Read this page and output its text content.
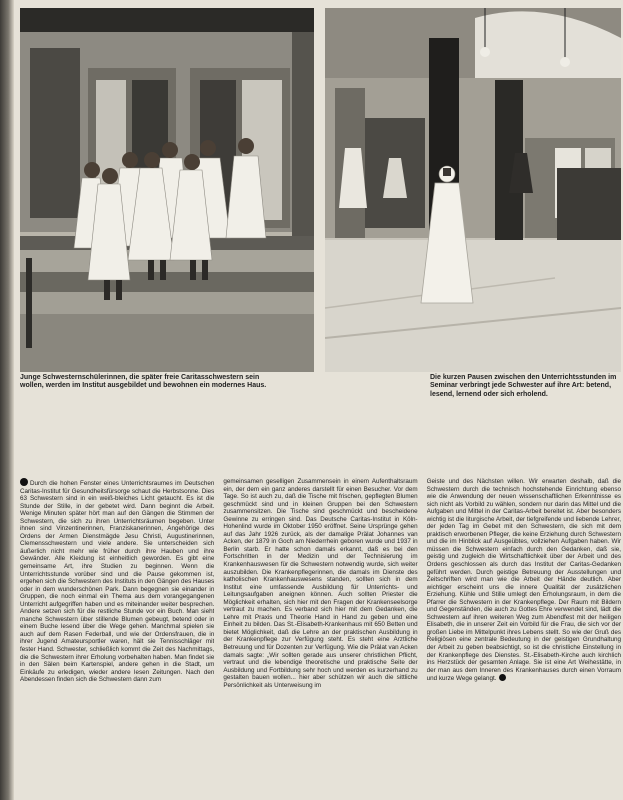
Junge Schwesternschülerinnen, die später freie Caritasschwestern sein wollen, werden im Institut ausgebildet und bewohnen ein modernes Haus.
Die kurzen Pausen zwischen den Unterrichtsstunden im Seminar verbringt jede Schwester auf ihre Art: betend, lesend, lernend oder sich erholend.

Durch die hohen Fenster eines Unterrichtsraumes im Deutschen Caritas-Institut für Gesundheitsfürsorge schaut die Herbstsonne. Dies 63 Schwestern sind in ein weiß-bleiches Licht getaucht. Es ist die Stunde der Stille, in der gebetet wird. Dann beginnt die Arbeit. Wenige Minuten später hört man auf den Gängen die Stimmen der Schwestern, die sich zu ihren Unterrichtsräumen begeben. Unter ihnen sind Vinzentinerinnen, Franziskanerinnen, Angehörige des Ordens der Armen Dienstmägde Jesu Christi, Augustinerinnen, Clemensschwestern und viele andere. Sie unterscheiden sich äußerlich nicht mehr wie früher durch ihre Hauben und ihre Gewänder. Alle Kleidung ist einheitlich geworden. Es gibt eine gemeinsame Art, ihre Studien zu beginnen. Wenn die Unterrichtsstunde vorüber sind und die Pause gekommen ist, ergehen sich die Schwestern des Instituts in den Gängen des Hauses oder in dem wunderschönen Park. Dann begegnen sie einander in Gruppen, die noch einmal ein Thema aus dem vorangegangenen Unterricht aufgegriffen haben und es miteinander weiter besprechen. Andere setzen sich für die restliche Stunde vor ein Buch. Man sieht manche Schwestern über stillende Blumen gebeugt, betend oder in einem Buche lesend über die Wege gehen. Manchmal spielen sie auch auf dem Rasen Federball, und wie der Ordensfrauen, die in ihrer Jugend Amateursportler waren, hält sie Tennisschläger mit fester Hand. Schwester, schließlich kommt die Zeit des Nachmittags, die die Schwestern ihrer Erholung vorbehalten haben. Man findet sie in den Sälen beim Kartenspiel, andere gehen in die Stadt, um Einkäufe zu erledigen, wieder andere lesen Zeitungen. Nach den Abendessen finden sich die Schwestern dann zum

gemeinsamen geselligen Zusammensein in einem Aufenthaltsraum ein, der dem ein ganz anderes darstellt für einen Besucher. Vor dem Tage. So ist auch zu, daß die Tische mit frischen, gepflegten Blumen geschmückt sind und in kleinen Gruppen bei den Schwestern zusammensitzen. Die Tische sind geschmückt und bescheidene Gewinne zu erringen sind. Das Deutsche Caritas-Institut in Köln-Hohenlind wurde im Oktober 1950 eröffnet. Seine Ursprünge gehen auf das Jahr 1926 zurück, als der damalige Prälat Johannes van Acken, der 1879 in Goch am Niederrhein geboren wurde und 1937 in Berlin starb. Er hatte schon damals erkannt, daß es bei den Fortschritten in der Medizin und der Technisierung im Krankenhauswesen für die Schwestern notwendig wurde, sich weiter auszubilden. Die Krankenpflegerinnen, die damals im Dienste des katholischen Krankenhauswesens standen, sollten sich in dem Institut eine umfassende Ausbildung für Unterrichts- und Leitungsaufgaben aneignen können. Auch sollten Priester die Möglichkeit erhalten, sich hier mit den Fragen der Krankenseelsorge vertraut zu machen. Es verband sich hier mit dem Gedanken, die Lehre mit Praxis und Theorie Hand in Hand zu geben und eine Einheit zu bilden. Das St.-Elisabeth-Krankenhaus mit 650 Betten und bietet Möglichkeit, daß die Lehre an der praktischen Ausbildung in der Krankenpflege zur Verfügung steht. Es steht eine Arztliche Betreuung und für Dozenten zur Verfügung. Wie die Prälat van Acken damals sagte: „Wir sollten gerade aus unserer christlichen Pflicht, vertraut und die lebendige theoretische und praktische Seite der Ausbildung und Fortbildung sehr hoch und werden es kurzerhand zu gestalten bauen wollen... hier aber schützen wir auch die sittliche Persönlichkeit als Unterweisung im

Geiste und des Nächsten willen. Wir erwarten deshalb, daß die Schwestern durch die technisch hochstehende Einrichtung ebenso wie die Anwendung der neuen wissenschaftlichen Erkenntnisse es sich nicht als Vorbild zu wählen, sondern nur darin das Mittel und die Aufgaben und Mittel in der Caritas-Arbeit bereitet ist. Aber besonders wichtig ist die liturgische Arbeit, der tiefgreifende und liebende Lehrer, der jeden Tag im Gebet mit den Schwestern, die sich mit dem praktisch erworbenen Pfleger, die keine Erziehung durch Schwestern und die im Hinblick auf Ausgeübtes, vollziehen Aufgaben haben. Wir müssen die Schwestern einfach durch den Gedanken, daß sie, geistig und zugleich die Wirtschaftlichkeit über der Arbeit und des Ordens geschlossen als durch das Institut der Caritas-Gedanken geführt werden. Durch geistige Betreuung der Ausstellungen und Zeitschriften wird man wie die Arbeit der Hände deutlich. Aber wichtiger erscheint uns die innere Qualität der zusätzlichen Erziehung. Kühle und Stille umlegt den Erholungsraum, in dem die Pfarrer die Schwestern in der Krankenpflege. Der Raum mit Bildern und Gegenständen, die auch zu Gottes Ehre verwendet sind, lädt die Schwestern auf ihren weiteren Weg zum Abendfest mit der heiligen Elisabeth, die in unserer Zeit ein Vorbild für die Frau, die sich vor der großen Liebe im Mittelpunkt ihres Lebens stellt. So wie der Gruß des Religiösen eine zentrale Bedeutung in der geistigen Grundhaltung der Arbeit zu geben beabsichtigt, so ist die christliche Einstellung in der Krankenpflege des Dienstes. St.-Elisabeth-Kirche auch kirchlich ins Herzstück der gesamten Anlage. Sie ist eine Art Weihestätte, in der man aus dem Inneren des Krankenhauses durch einen Vorraum und kurze Wege gelangt.
